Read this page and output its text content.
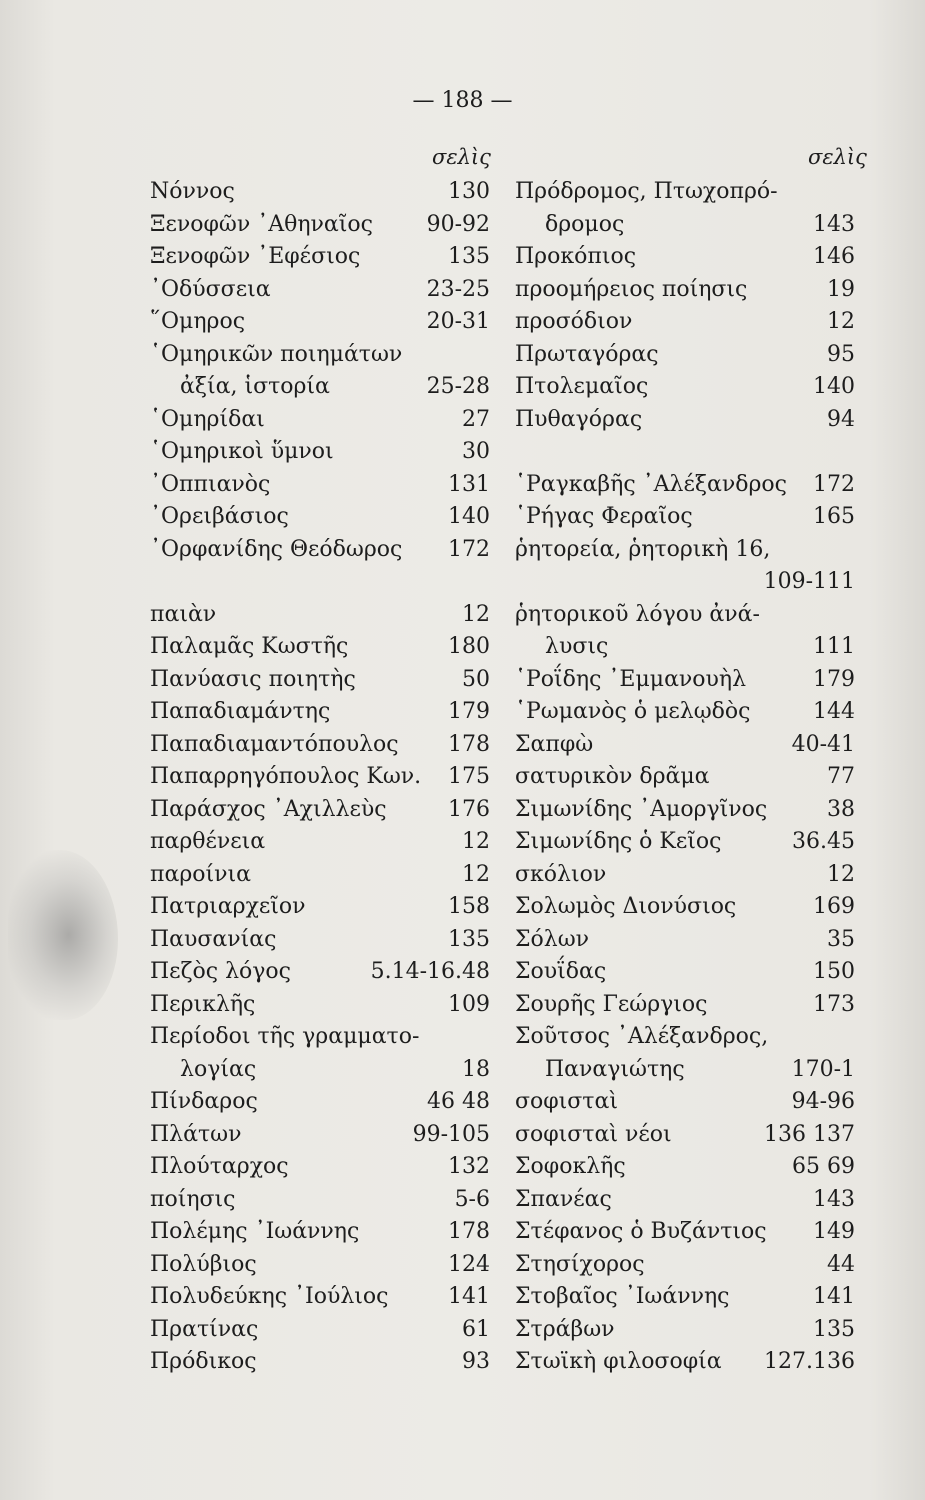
— 188 —
σελὶς	σελὶς
Νόννος	130
Ξενοφῶν ᾿Αθηναῖος 90-92
Ξενοφῶν ᾿Εφέσιος	135
᾿Οδύσσεια	23-25
῞Ομηρος	20-31
῾Ομηρικῶν ποιημάτων
ἀξία, ἱστορία	25-28
῾Ομηρίδαι	27
῾Ομηρικοὶ ὕμνοι	30
᾿Οππιανὸς	131
᾿Ορειβάσιος	140
᾿Ορφανίδης Θεόδωρος 172
παιὰν	12
Παλαμᾶς Κωστῆς	180
Πανύασις ποιητὴς	50
Παπαδιαμάντης	179
Παπαδιαμαντόπουλος 178
Παπαρρηγόπουλος Κων. 175
Παράσχος ᾿Αχιλλεὺς	176
παρθένεια	12
παροίνια	12
Πατριαρχεῖον	158
Παυσανίας	135
Πεζὸς λόγος	5.14-16.48
Περικλῆς	109
Περίοδοι τῆς γραμματο-
λογίας	18
Πίνδαρος	46 48
Πλάτων	99-105
Πλούταρχος	132
ποίησις	5-6
Πολέμης ᾿Ιωάννης	178
Πολύβιος	124
Πολυδεύκης ᾿Ιούλιος	141
Πρατίνας	61
Πρόδικος	93
Πρόδρομος, Πτωχοπρό-
δρομος	143
Προκόπιος	146
προομήρειος ποίησις	19
προσόδιον	12
Πρωταγόρας	95
Πτολεμαῖος	140
Πυθαγόρας	94
῾Ραγκαβῆς ᾿Αλέξανδρος 172
῾Ρήγας Φεραῖος	165
ῥητορεία, ῥητορικὴ 16,
109-111
ῥητορικοῦ λόγου ἀνά-
λυσις	111
῾Ροΐδης ᾿Εμμανουὴλ	179
῾Ρωμανὸς ὁ μελῳδὸς	144
Σαπφὼ	40-41
σατυρικὸν δρᾶμα	77
Σιμωνίδης ᾿Αμοργῖνος	38
Σιμωνίδης ὁ Κεῖος	36.45
σκόλιον	12
Σολωμὸς Διονύσιος	169
Σόλων	35
Σουΐδας	150
Σουρῆς Γεώργιος	173
Σοῦτσος ᾿Αλέξανδρος,
Παναγιώτης	170-1
σοφισταὶ	94-96
σοφισταὶ νέοι	136 137
Σοφοκλῆς	65 69
Σπανέας	143
Στέφανος ὁ Βυζάντιος 149
Στησίχορος	44
Στοβαῖος ᾿Ιωάννης	141
Στράβων	135
Στωϊκὴ φιλοσοφία 127.136
